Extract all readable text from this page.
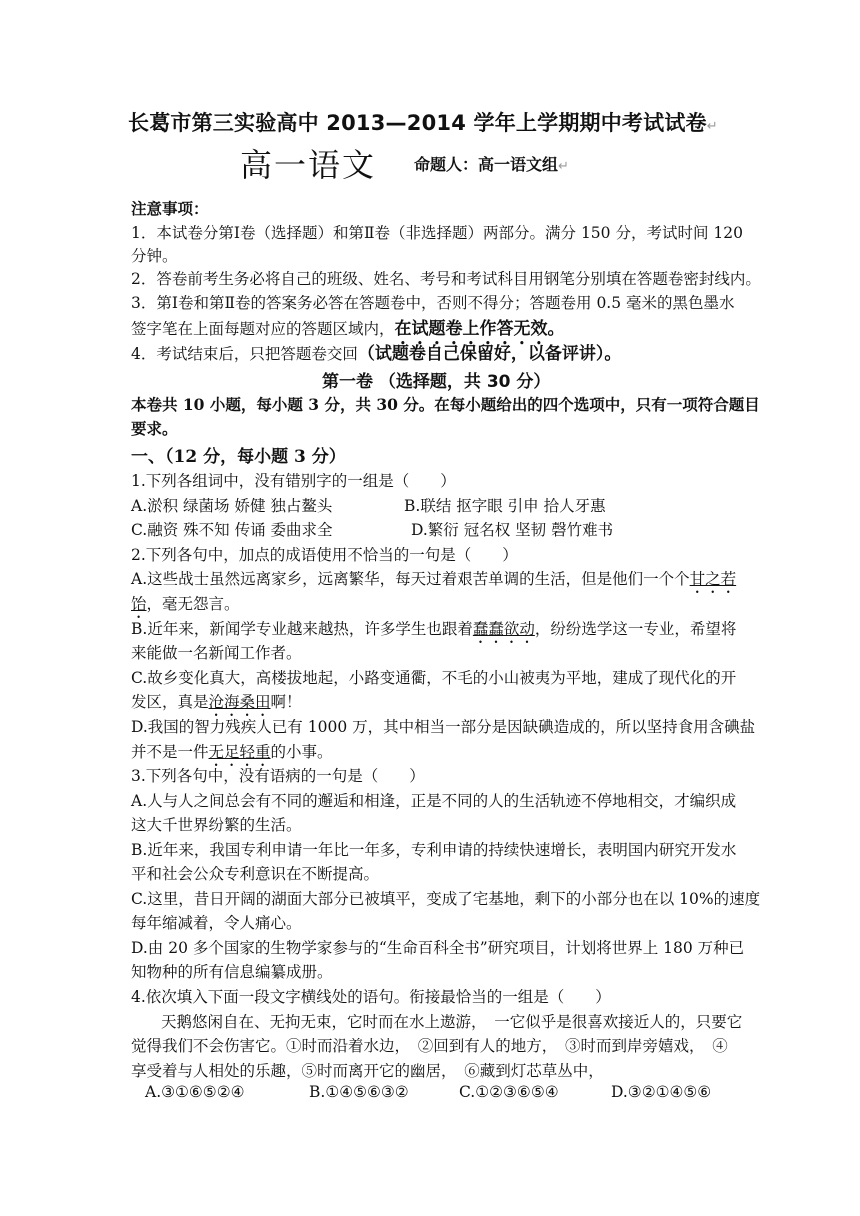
长葛市第三实验高中 2013—2014 学年上学期期中考试试卷↵
高一语文 命题人：高一语文组↵
注意事项：
1．本试卷分第Ⅰ卷（选择题）和第Ⅱ卷（非选择题）两部分。满分 150 分，考试时间 120
分钟。
2．答卷前考生务必将自己的班级、姓名、考号和考试科目用钢笔分别填在答题卷密封线内。
3．第Ⅰ卷和第Ⅱ卷的答案务必答在答题卷中，否则不得分；答题卷用 0.5 毫米的黑色墨水
签字笔在上面每题对应的答题区域内，在试题卷上作答无效。
4．考试结束后，只把答题卷交回（试题卷自己保留好，以备评讲）。
第一卷 （选择题，共 30 分）
本卷共 10 小题，每小题 3 分，共 30 分。在每小题给出的四个选项中，只有一项符合题目
要求。
一、（12 分，每小题 3 分）
1.下列各组词中，没有错别字的一组是（　　）
A.淤积 绿菌场 娇健 独占鳌头	B.联结 抠字眼 引申 拾人牙惠
C.融资 殊不知 传诵 委曲求全	D.繁衍 冠名权 坚韧 磬竹难书
2.下列各句中，加点的成语使用不恰当的一句是（　　）
A.这些战士虽然远离家乡，远离繁华，每天过着艰苦单调的生活，但是他们一个个甘之若
饴，毫无怨言。
B.近年来，新闻学专业越来越热，许多学生也跟着蠢蠢欲动，纷纷选学这一专业，希望将
来能做一名新闻工作者。
C.故乡变化真大，高楼拔地起，小路变通衢，不毛的小山被夷为平地，建成了现代化的开
发区，真是沧海桑田啊！
D.我国的智力残疾人已有 1000 万，其中相当一部分是因缺碘造成的，所以坚持食用含碘盐
并不是一件无足轻重的小事。
3.下列各句中，没有语病的一句是（　　）
A.人与人之间总会有不同的邂逅和相逢，正是不同的人的生活轨迹不停地相交，才编织成
这大千世界纷繁的生活。
B.近年来，我国专利申请一年比一年多，专利申请的持续快速增长，表明国内研究开发水
平和社会公众专利意识在不断提高。
C.这里，昔日开阔的湖面大部分已被填平，变成了宅基地，剩下的小部分也在以 10%的速度
每年缩减着，令人痛心。
D.由 20 多个国家的生物学家参与的“生命百科全书”研究项目，计划将世界上 180 万种已
知物种的所有信息编纂成册。
4.依次填入下面一段文字横线处的语句。衔接最恰当的一组是（　　）
天鹅悠闲自在、无拘无束，它时而在水上遨游，　一它似乎是很喜欢接近人的，只要它
觉得我们不会伤害它。①时而沿着水边，　②回到有人的地方，　③时而到岸旁嬉戏，　④
享受着与人相处的乐趣，⑤时而离开它的幽居，　⑥藏到灯芯草丛中，
A.③①⑥⑤②④	B.①④⑤⑥③②	C.①②③⑥⑤④	D.③②①④⑤⑥
